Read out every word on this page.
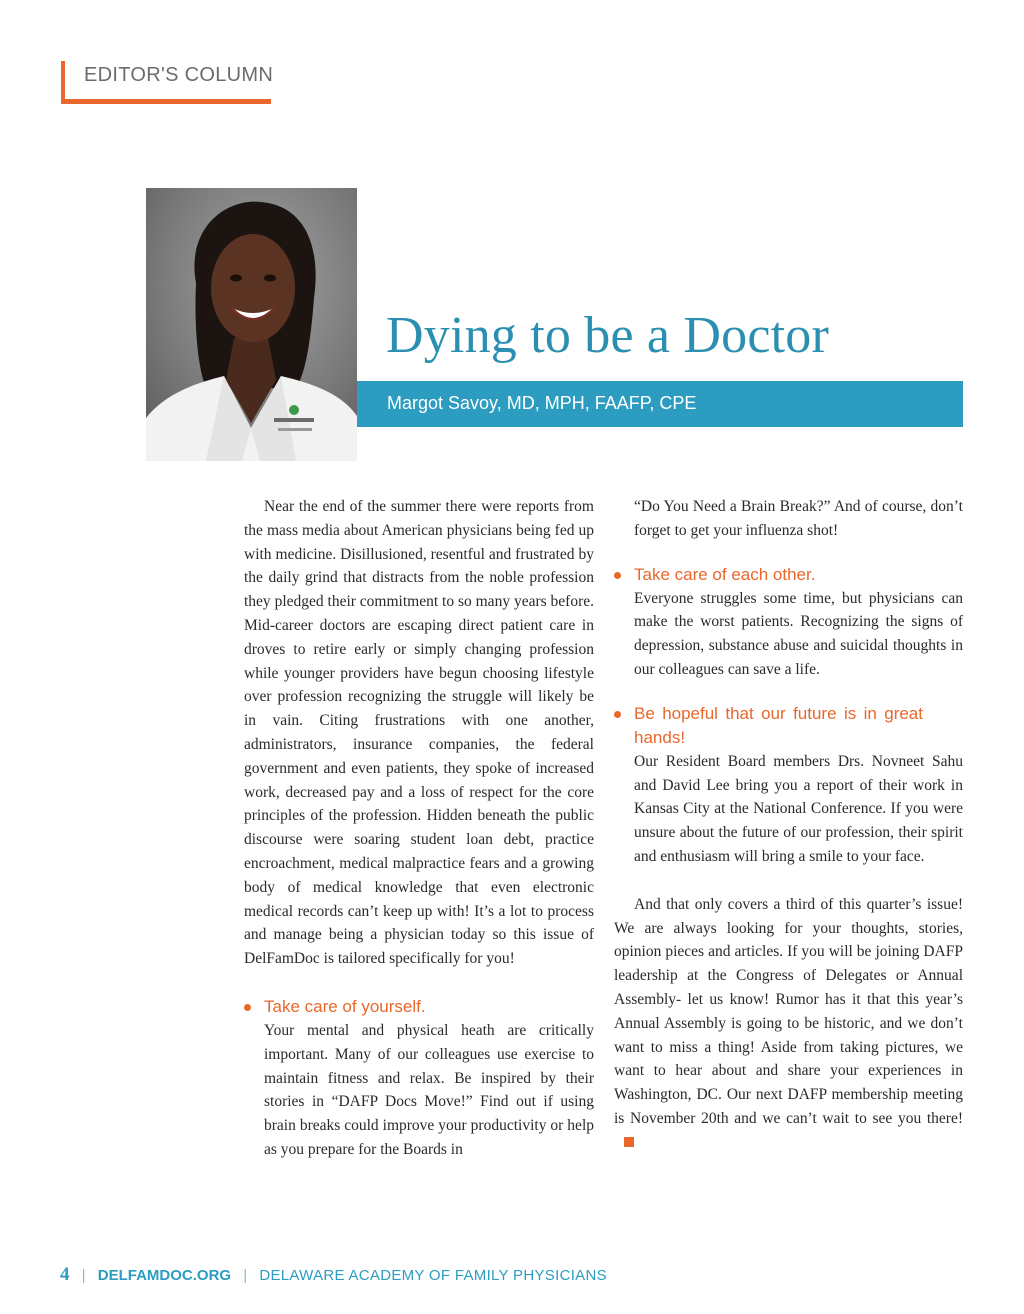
EDITOR'S COLUMN
Dying to be a Doctor
Margot Savoy, MD, MPH, FAAFP, CPE

Near the end of the summer there were reports from the mass media about American physicians being fed up with medicine. Disillusioned, resentful and frustrated by the daily grind that distracts from the noble profession they pledged their commitment to so many years before. Mid-career doctors are escaping direct patient care in droves to retire early or simply changing profession while younger providers have begun choosing lifestyle over profession recognizing the struggle will likely be in vain. Citing frustrations with one another, administrators, insurance companies, the federal government and even patients, they spoke of increased work, decreased pay and a loss of respect for the core principles of the profession. Hidden beneath the public discourse were soaring student loan debt, practice encroachment, medical malpractice fears and a growing body of medical knowledge that even electronic medical records can’t keep up with! It’s a lot to process and manage being a physician today so this issue of DelFamDoc is tailored specifically for you!

Take care of yourself.

Your mental and physical heath are critically important. Many of our colleagues use exercise to maintain fitness and relax. Be inspired by their stories in “DAFP Docs Move!” Find out if using brain breaks could improve your productivity or help as you prepare for the Boards in

“Do You Need a Brain Break?” And of course, don’t forget to get your influenza shot!

Take care of each other.

Everyone struggles some time, but physicians can make the worst patients. Recognizing the signs of depression, substance abuse and suicidal thoughts in our colleagues can save a life.

Be hopeful that our future is in great hands!

Our Resident Board members Drs. Novneet Sahu and David Lee bring you a report of their work in Kansas City at the National Conference. If you were unsure about the future of our profession, their spirit and enthusiasm will bring a smile to your face.

And that only covers a third of this quarter’s issue! We are always looking for your thoughts, stories, opinion pieces and articles. If you will be joining DAFP leadership at the Congress of Delegates or Annual Assembly- let us know! Rumor has it that this year’s Annual Assembly is going to be historic, and we don’t want to miss a thing! Aside from taking pictures, we want to hear about and share your experiences in Washington, DC. Our next DAFP membership meeting is November 20th and we can’t wait to see you there!

4 | DELFAMDOC.ORG | DELAWARE ACADEMY OF FAMILY PHYSICIANS
